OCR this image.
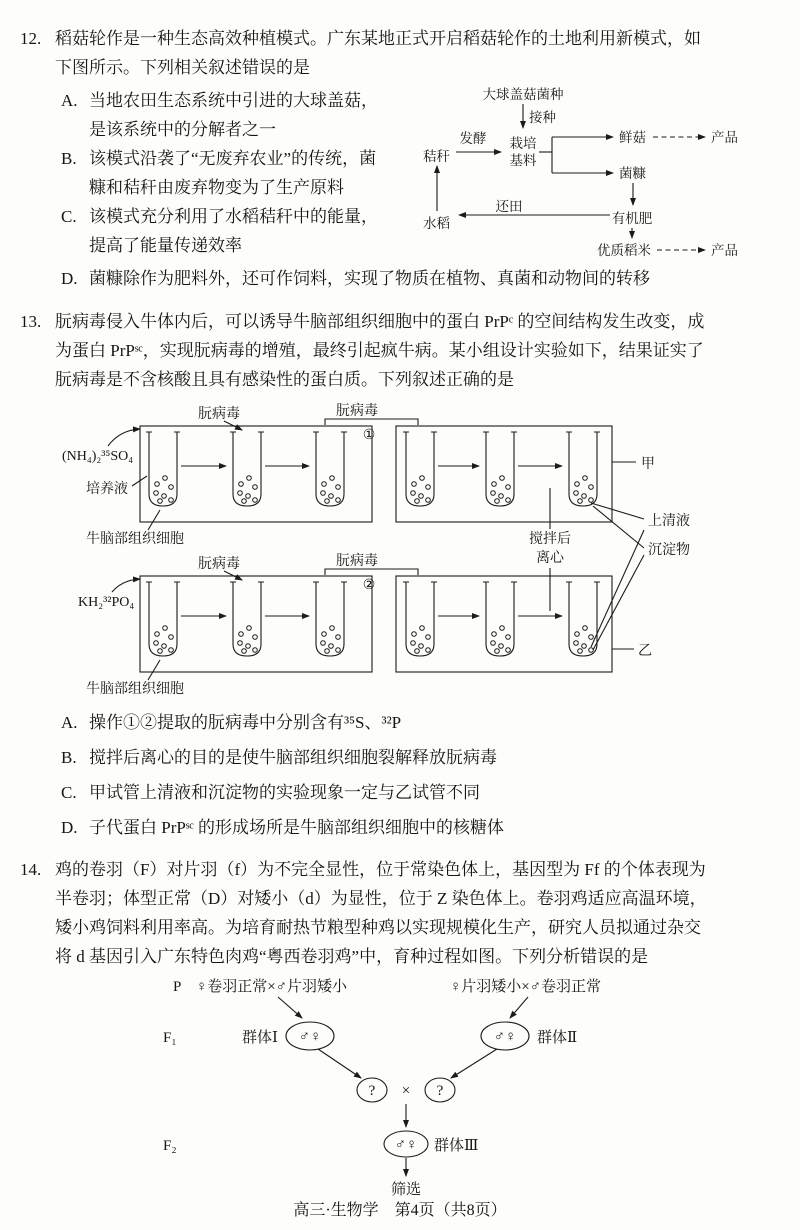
12. 稻菇轮作是一种生态高效种植模式。广东某地正式开启稻菇轮作的土地利用新模式，如下图所示。下列相关叙述错误的是

A. 当地农田生态系统中引进的大球盖菇，是该系统中的分解者之一
B. 该模式沿袭了“无废弃农业”的传统，菌糠和秸秆由废弃物变为了生产原料
C. 该模式充分利用了水稻秸秆中的能量，提高了能量传递效率
大球盖菇菌种
接种
发酵
秸秆
栽培
基料
鲜菇	产品
菌糠
有机肥
优质稻米	产品
还田
水稻
D. 菌糠除作为肥料外，还可作饲料，实现了物质在植物、真菌和动物间的转移
13. 朊病毒侵入牛体内后，可以诱导牛脑部组织细胞中的蛋白 PrPᶜ 的空间结构发生改变，成为蛋白 PrPˢᶜ，实现朊病毒的增殖，最终引起疯牛病。某小组设计实验如下，结果证实了朊病毒是不含核酸且具有感染性的蛋白质。下列叙述正确的是

朊病毒	朊病毒
①
甲
(NH₄)₂³⁵SO₄
培养液
牛脑部组织细胞
朊病毒	朊病毒
②
KH₂³²PO₄
牛脑部组织细胞
乙
搅拌后
离心
上清液
沉淀物
A. 操作①②提取的朊病毒中分别含有³⁵S、³²P
B. 搅拌后离心的目的是使牛脑部组织细胞裂解释放朊病毒
C. 甲试管上清液和沉淀物的实验现象一定与乙试管不同
D. 子代蛋白 PrPˢᶜ 的形成场所是牛脑部组织细胞中的核糖体
14. 鸡的卷羽（F）对片羽（f）为不完全显性，位于常染色体上，基因型为 Ff 的个体表现为半卷羽；体型正常（D）对矮小（d）为显性，位于 Z 染色体上。卷羽鸡适应高温环境，矮小鸡饲料利用率高。为培育耐热节粮型种鸡以实现规模化生产，研究人员拟通过杂交将 d 基因引入广东特色肉鸡“粤西卷羽鸡”中，育种过程如图。下列分析错误的是

P ♀卷羽正常×♂片羽矮小	♀片羽矮小×♂卷羽正常
F₁	群体Ⅰ ♂♀	♂♀ 群体Ⅱ
? × ?
F₂	♂♀ 群体Ⅲ
筛选
高三·生物学　第4页（共8页）
